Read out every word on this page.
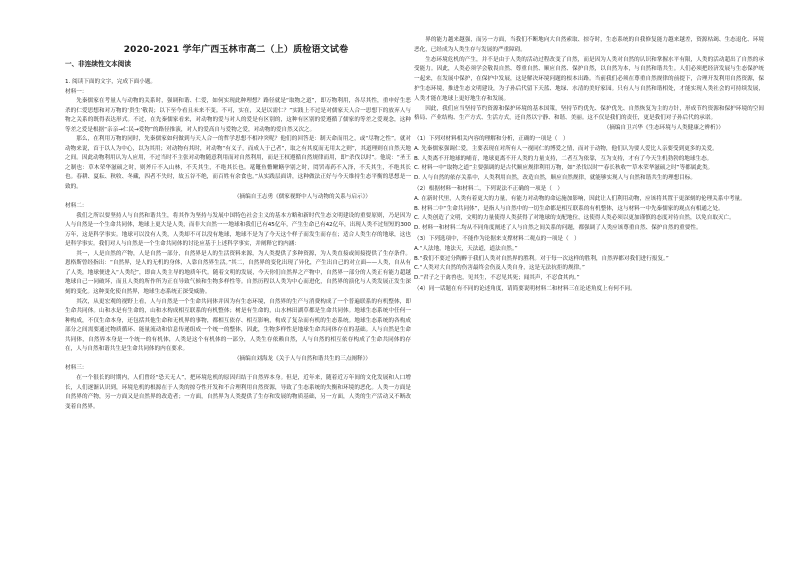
2020-2021 学年广西玉林市高二（上）质检语文试卷
一、非连续性文本阅读

1. 阅读下面的文字，完成下面小题。

材料一：

先秦儒家在考量人与动物的关系时，强调和谐、仁爱，如何实现此种理想？路径就是“取物之道”，即万物利用，各尽其性，重申好生恶杀的仁爱思想和对万物的‘贵生’敬畏；以下至今看且未来不变。不可，实在，又是以需仁？”实践上不过是对儒家天人合一思想下的放弃人与物之关系的既得表达形式。不过，在先秦儒家看来，对动物的爱与对人的爱是有区别的，这种有区别的爱遵循了儒家的等差之爱观念，这种等差之爱是根据“亲亲→仁民→爱物”的路径推演，对人的爱高自与爱物之爱，对动物的爱自然又次之。

那么，在利用万物的同时，先秦儒家如何做到与天人合一的哲学思想不相冲突呢？他们的回答是：制天命而用之，或“尽物之性”。就对动物来说，首于以人为中心，以为其用；对动物有其时，对动物“有义子，而成人于己者”，取之有其度而无用太之则”，其道理则在自然天地之间。因此动物利用认为人应用，不过当时不主张对动物随意利用而对自然利用，而是王权遵循自然规律而用，即“杀伐以时”。他说：“圣王之制也：草木荣华滋硕之时，则斧斤不入山林，不夭其生，不绝其长也。鼋鼍鱼鳖鳅鳝孕别之时，罔罟毒药不入泽，不夭其生，不绝其长也。春耕、夏耘、秋收、冬藏，四者不失时，故五谷不绝，而百姓有余食也。”从实践层面讲，这种做法正好与今天维持生态平衡的思想是一致的。

（摘编自王志勇《儒家视野中人与动物的关系与启示》）

材料二：

我们之所以要坚持人与自然和谐共生，将其作为坚持与发展中国特色社会主义的基本方略和新时代生态文明建设的重要原则，乃是因为人与自然是一个生命共同体，地球上更大是人类，而非大自然一一地球和我们已有45亿年，产生生命已有42亿年，出现人类不过短短的300万年，这是科学事实。地球可以没有人类，人类却不可以没有地球，地球不是为了今天这个样子而发生而存在；适合人类生存的地球，这也是科学事实。我们对人与自然是一个生命共同体的讨论应基于上述科学事实，并阐释它的内涵：

其一，人是自然的产物，人是自然一部分，自然界是人的生活资料来源，为人类提供了多种资源，为人类直接或间接提供了生存条件。恩格斯曾经指出：“自然界，是人的无机的身体，人靠自然界生活。”其二，自然界的变化出现了异化，产生出自己的对立面——人类，自从有了人类，地球便进入“人类纪”，即由人类主导的地质年代。随着文明的发展，今天你们自然界之产物中，自然界一部分的人类正有能力超越地球自己一同破坏，而且人类的所作所为正在导致气候和生物多样性等。自然历程以人类为中心而进化，自然界的演化与人类发展正发生深刻的变化。这种变化使自然界，地球生态系统正深受威胁。

其次，从更宏观的视野上看，人与自然是一个生命共同体并因为有生态环境，自然界的生产与消费构成了一个普遍联系的有机整体，即生命共同体。山和水是有生命的，山和水构成相互联系的有机整体；树是有生命的，山水林田湖草都是生命共同体。地球生态系统中任何一种构成，不仅生命本身，还包括其他生命和无机界的事物，都相互依存、相互影响，构成了复杂而有机的生态系统。地球生态系统的各构成部分之间需要通过物质循环、能量流动和信息传递组成一个统一的整体，因此，生物多样性是地球生命共同体存在的基础。人与自然是生命共同体，自然界本身是一个统一的有机体，人类是这个有机体的一部分，人类生存依赖自然，人与自然的相互依存构成了生命共同体的存在，人与自然和谐共生是生命共同体的内在要求。

（摘编自刘海龙《关于人与自然和谐共生的三点阐释》）

材料三：

在一个很长的时期内，人们曾经“恐天无人”，把环境危机的原因归结于自然界本身。但是，近年来，随着近万年间的文化发展和人口增长，人们逐渐认识到，环境危机的根源在于人类的掠夺性开发和不合理利用自然资源，导致了生态系统的失衡和环境的恶化。人类一方面是自然界的产物，另一方面又是自然界的改造者；一方面，自然界为人类提供了生存和发展的物质基础，另一方面，人类的生产活动又不断改变着自然界。

界的能力越来越强，而另一方面，当我们不断地向大自然索取、掠夺时，生态系统的自我修复能力越来越差，资源枯竭、生态退化、环境恶化，已经成为人类生存与发展的严重障碍。

生态环境危机的产生，并不是由于人类的活动过程改变了自然，而是因为人类对自然的认识和掌握水平有限，人类的活动超出了自然的承受能力。因此，人类必须学会敬畏自然、尊重自然、顺应自然、保护自然，以自然为本，与自然和谐共生。人们必须把经济发展与生态保护统一起来，在发展中保护，在保护中发展，这是解决环境问题的根本出路。当前我们必须在尊重自然规律的前提下，合理开发利用自然资源，保护生态环境，推进生态文明建设，为子孙后代留下天蓝、地绿、水清的美好家园。只有人与自然和谐相处，才能实现人类社会的可持续发展，人类才能在地球上更好地生存和发展。

因此，我们应当坚持节约资源和保护环境的基本国策，坚持节约优先、保护优先、自然恢复为主的方针，形成节约资源和保护环境的空间格局、产业结构、生产方式、生活方式，还自然以宁静、和谐、美丽。这不仅是我们的责任，更是我们对子孙后代的承诺。

（摘编自卫兴华《生态环境与人类健康之辨析》）

（1）下列对材料相关内容的理解和分析，正确的一项是（　）

A. 先秦儒家强调仁爱，主要表现在对所有人一视同仁的博爱之情，而对于动物，他们认为要人爱比人亲要受到更多的关爱。

B. 人类离不开地球的哺育，地球更离不开人类的力量支持，二者互为依靠，互为支持，才有了今天生机勃勃的地球生态。

C. 材料一中“取物之道”主要强调的是古代顺应规律利用万物，如“杀伐以时”“春长秋收”“草木荣华滋硕之时”等都属此类。

D. 人与自然的依存关系中，人类利用自然，改造自然，顺应自然规律，就能够实现人与自然和谐共生的理想目标。

（2）根据材料一和材料二，下列说法不正确的一项是（　）

A. 在新时代里，人类有着更大的力量，有能力对动物的命运施加影响，因此让人们利用动物，应该将其置于更深刻的伦理关系中考量。

B. 材料二中“生命共同体”，是指人与自然中的一切生命都是相互联系的有机整体，这与材料一中先秦儒家的观点有相通之处。

C. 人类创造了文明，文明的力量使得人类获得了对地球的支配地位，这使得人类必须以更加谨慎的态度对待自然，以免自取灭亡。

D. 材料一和材料二均从不同角度阐述了人与自然之间关系的问题，都强调了人类应该尊重自然、保护自然的重要性。

（3）下列选项中，不能作为论据来支撑材料二观点的一项是（　）

A.“人法地，地法天，天法道，道法自然。”

B.“我们不要过分陶醉于我们人类对自然界的胜利。对于每一次这样的胜利，自然界都对我们进行报复。”

C.“人类对大自然的伤害最终会伤及人类自身，这是无法抗拒的规律。”

D.“君子之于禽兽也，见其生，不忍见其死；闻其声，不忍食其肉。”

（4）同一话题在有不同的论述角度，请简要说明材料二和材料三在论述角度上有何不同。
